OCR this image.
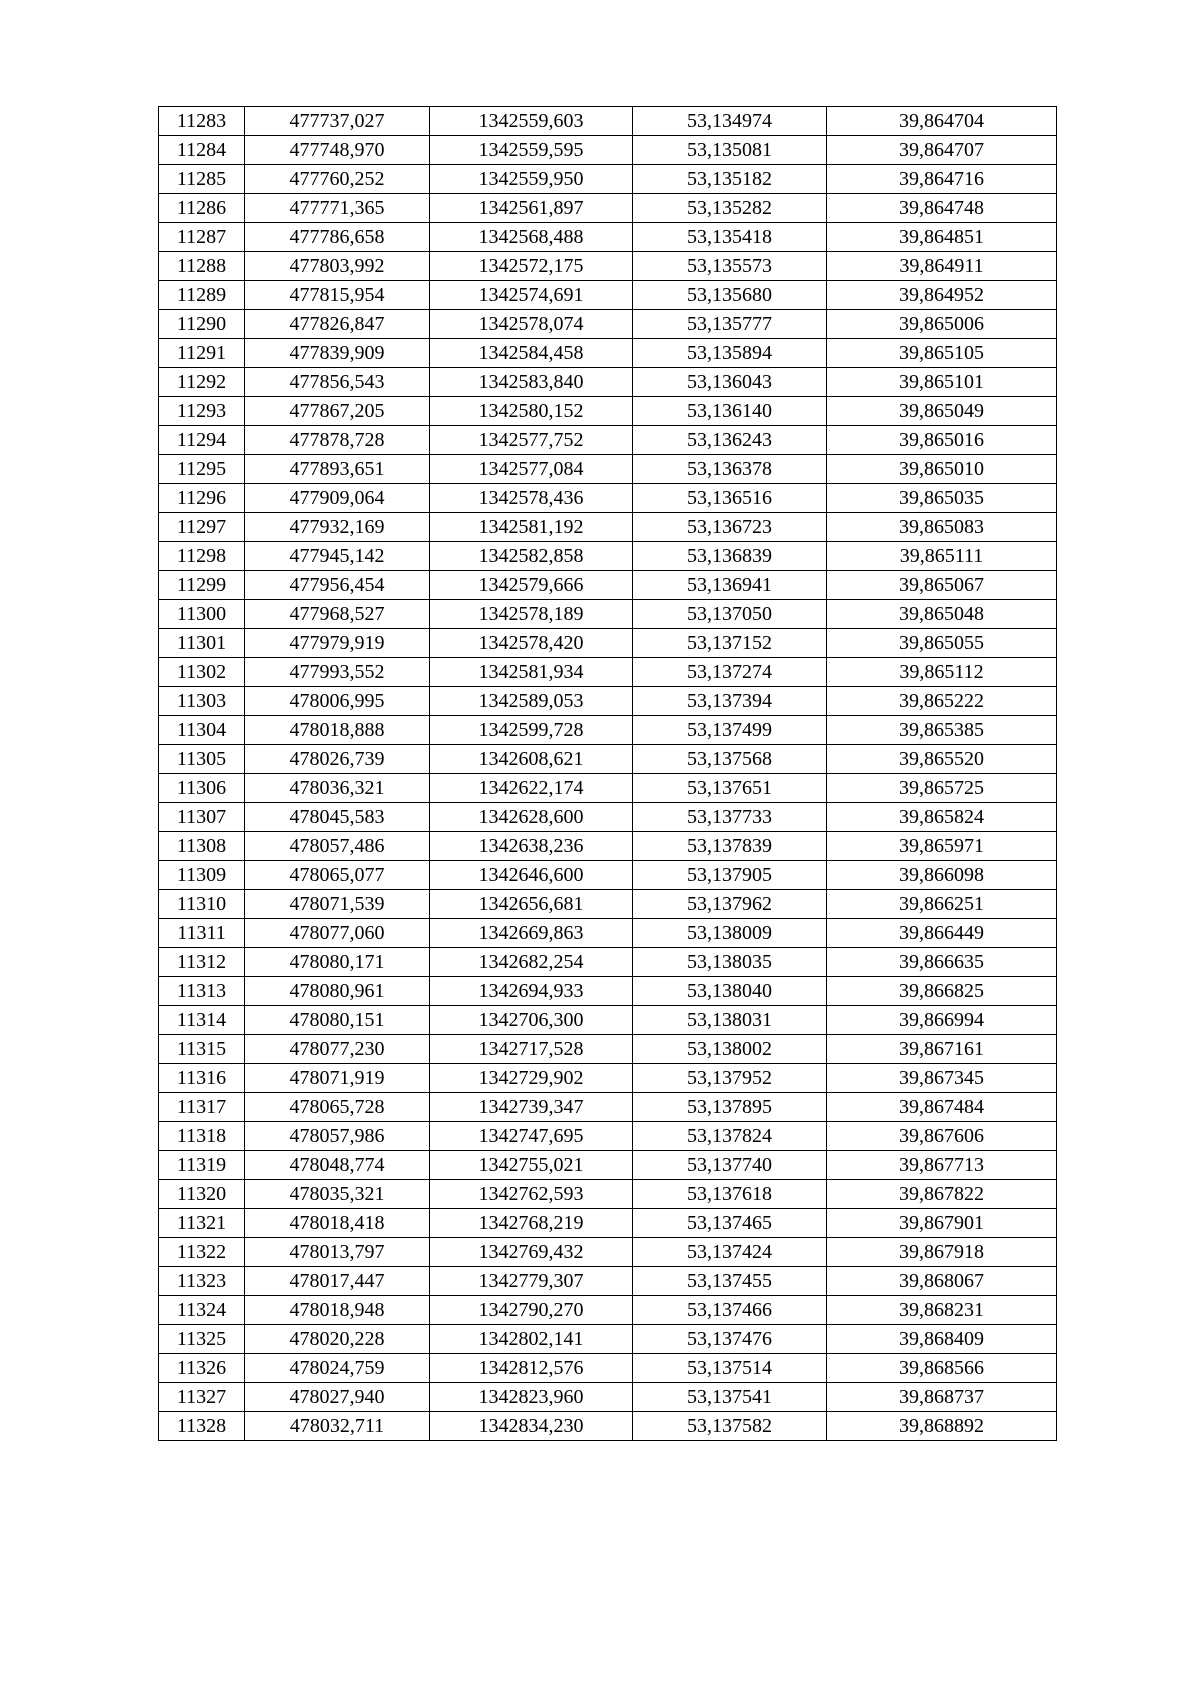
11283	477737,027	1342559,603	53,134974	39,864704
11284	477748,970	1342559,595	53,135081	39,864707
11285	477760,252	1342559,950	53,135182	39,864716
11286	477771,365	1342561,897	53,135282	39,864748
11287	477786,658	1342568,488	53,135418	39,864851
11288	477803,992	1342572,175	53,135573	39,864911
11289	477815,954	1342574,691	53,135680	39,864952
11290	477826,847	1342578,074	53,135777	39,865006
11291	477839,909	1342584,458	53,135894	39,865105
11292	477856,543	1342583,840	53,136043	39,865101
11293	477867,205	1342580,152	53,136140	39,865049
11294	477878,728	1342577,752	53,136243	39,865016
11295	477893,651	1342577,084	53,136378	39,865010
11296	477909,064	1342578,436	53,136516	39,865035
11297	477932,169	1342581,192	53,136723	39,865083
11298	477945,142	1342582,858	53,136839	39,865111
11299	477956,454	1342579,666	53,136941	39,865067
11300	477968,527	1342578,189	53,137050	39,865048
11301	477979,919	1342578,420	53,137152	39,865055
11302	477993,552	1342581,934	53,137274	39,865112
11303	478006,995	1342589,053	53,137394	39,865222
11304	478018,888	1342599,728	53,137499	39,865385
11305	478026,739	1342608,621	53,137568	39,865520
11306	478036,321	1342622,174	53,137651	39,865725
11307	478045,583	1342628,600	53,137733	39,865824
11308	478057,486	1342638,236	53,137839	39,865971
11309	478065,077	1342646,600	53,137905	39,866098
11310	478071,539	1342656,681	53,137962	39,866251
11311	478077,060	1342669,863	53,138009	39,866449
11312	478080,171	1342682,254	53,138035	39,866635
11313	478080,961	1342694,933	53,138040	39,866825
11314	478080,151	1342706,300	53,138031	39,866994
11315	478077,230	1342717,528	53,138002	39,867161
11316	478071,919	1342729,902	53,137952	39,867345
11317	478065,728	1342739,347	53,137895	39,867484
11318	478057,986	1342747,695	53,137824	39,867606
11319	478048,774	1342755,021	53,137740	39,867713
11320	478035,321	1342762,593	53,137618	39,867822
11321	478018,418	1342768,219	53,137465	39,867901
11322	478013,797	1342769,432	53,137424	39,867918
11323	478017,447	1342779,307	53,137455	39,868067
11324	478018,948	1342790,270	53,137466	39,868231
11325	478020,228	1342802,141	53,137476	39,868409
11326	478024,759	1342812,576	53,137514	39,868566
11327	478027,940	1342823,960	53,137541	39,868737
11328	478032,711	1342834,230	53,137582	39,868892
